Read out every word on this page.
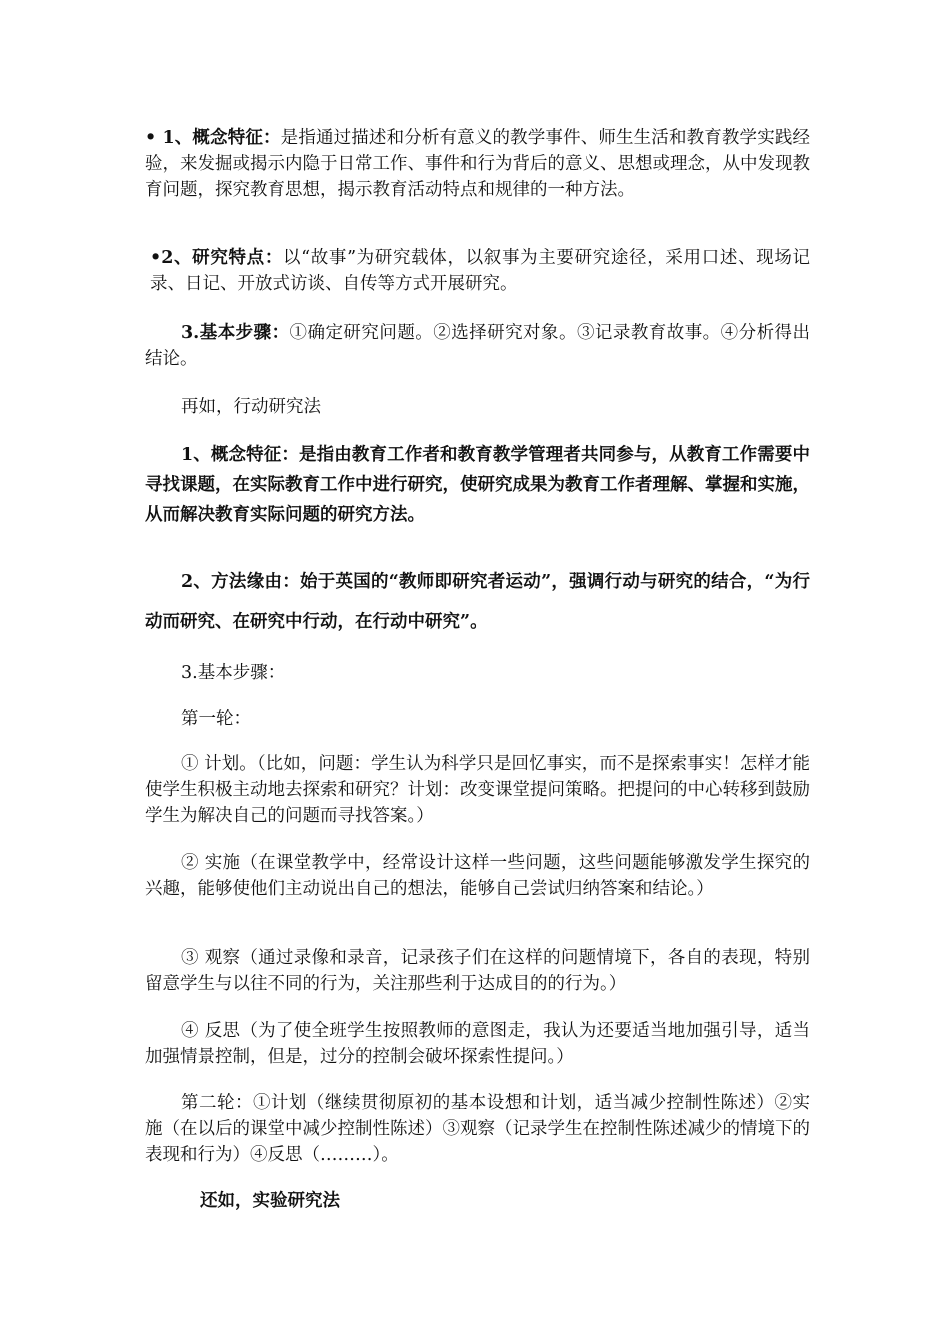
• 1、概念特征：是指通过描述和分析有意义的教学事件、师生生活和教育教学实践经验，来发掘或揭示内隐于日常工作、事件和行为背后的意义、思想或理念，从中发现教育问题，探究教育思想，揭示教育活动特点和规律的一种方法。

•2、研究特点：以“故事”为研究载体，以叙事为主要研究途径，采用口述、现场记录、日记、开放式访谈、自传等方式开展研究。

3.基本步骤：①确定研究问题。②选择研究对象。③记录教育故事。④分析得出结论。

再如，行动研究法

1、概念特征：是指由教育工作者和教育教学管理者共同参与，从教育工作需要中寻找课题，在实际教育工作中进行研究，使研究成果为教育工作者理解、掌握和实施，从而解决教育实际问题的研究方法。

2、方法缘由：始于英国的“教师即研究者运动”，强调行动与研究的结合，“为行动而研究、在研究中行动，在行动中研究”。

3.基本步骤：

第一轮：

① 计划。（比如，问题：学生认为科学只是回忆事实，而不是探索事实！怎样才能使学生积极主动地去探索和研究？计划：改变课堂提问策略。把提问的中心转移到鼓励学生为解决自己的问题而寻找答案。）

② 实施（在课堂教学中，经常设计这样一些问题，这些问题能够激发学生探究的兴趣，能够使他们主动说出自己的想法，能够自己尝试归纳答案和结论。）

③ 观察（通过录像和录音，记录孩子们在这样的问题情境下，各自的表现，特别留意学生与以往不同的行为，关注那些利于达成目的的行为。）

④ 反思（为了使全班学生按照教师的意图走，我认为还要适当地加强引导，适当加强情景控制，但是，过分的控制会破坏探索性提问。）

第二轮：①计划（继续贯彻原初的基本设想和计划，适当减少控制性陈述）②实施（在以后的课堂中减少控制性陈述）③观察（记录学生在控制性陈述减少的情境下的表现和行为）④反思（………）。

还如，实验研究法
